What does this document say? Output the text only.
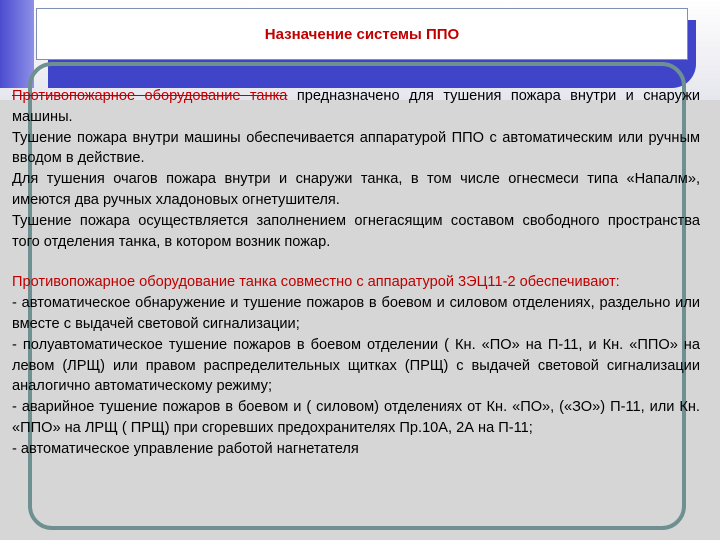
Назначение системы ППО

Противопожарное оборудование танка предназначено для тушения пожара внутри и снаружи машины.

Тушение пожара внутри машины обеспечивается аппаратурой ППО с автоматическим или ручным вводом в действие.

Для тушения очагов пожара внутри и снаружи танка, в том числе огнесмеси типа «Напалм», имеются два ручных хладоновых огнетушителя.

Тушение пожара осуществляется заполнением огнегасящим составом свободного пространства того отделения танка, в котором возник пожар.

Противопожарное оборудование танка совместно с аппаратурой 3ЭЦ11-2 обеспечивают:

- автоматическое обнаружение и тушение пожаров в боевом и силовом отделениях, раздельно или вместе с выдачей световой сигнализации;

- полуавтоматическое тушение пожаров в боевом отделении ( Кн. «ПО» на П-11, и Кн. «ППО» на левом (ЛРЩ) или правом распределительных щитках (ПРЩ) с выдачей световой сигнализации аналогично автоматическому режиму;

- аварийное тушение пожаров в боевом и ( силовом) отделениях от Кн. «ПО», («ЗО») П-11, или Кн. «ППО» на ЛРЩ ( ПРЩ) при сгоревших предохранителях Пр.10А, 2А на П-11;

- автоматическое управление работой нагнетателя
